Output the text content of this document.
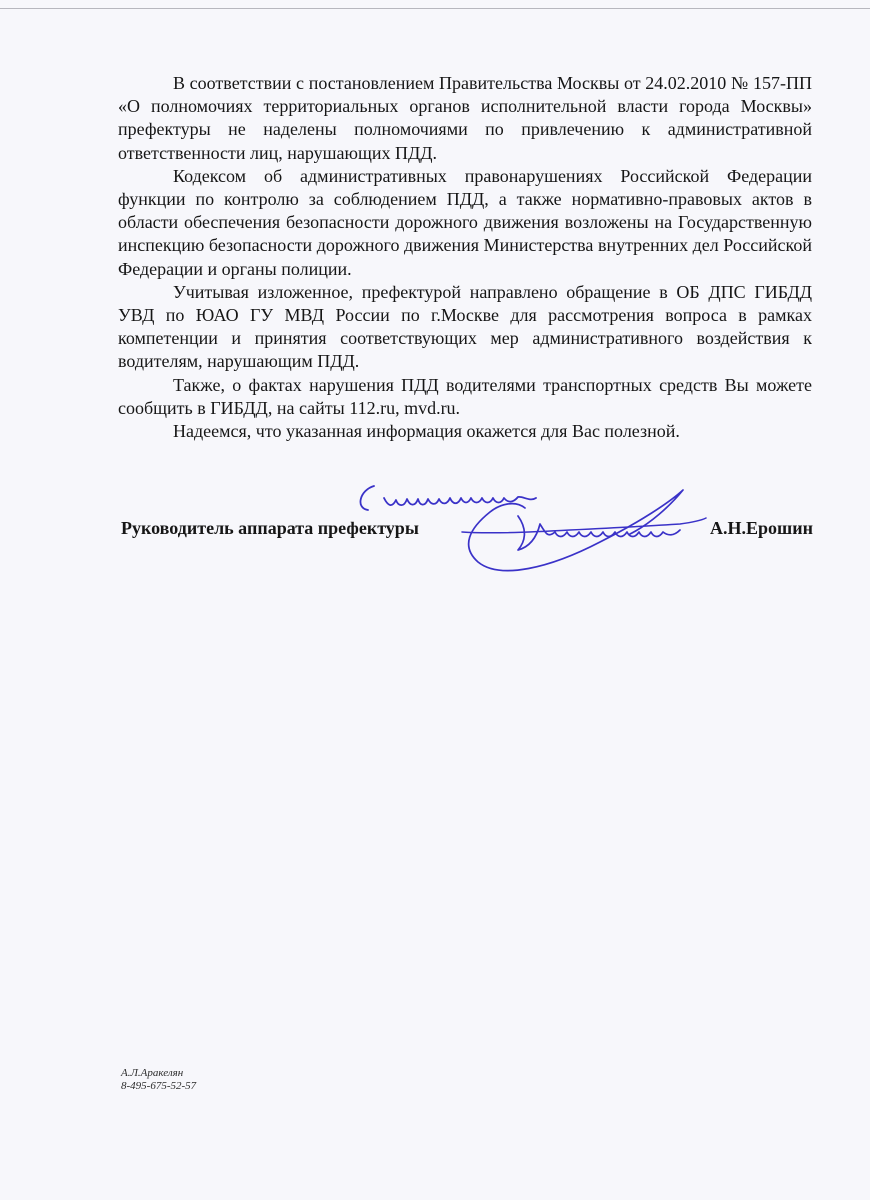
В соответствии с постановлением Правительства Москвы от 24.02.2010 № 157-ПП «О полномочиях территориальных органов исполнительной власти города Москвы» префектуры не наделены полномочиями по привлечению к административной ответственности лиц, нарушающих ПДД.

Кодексом об административных правонарушениях Российской Федерации функции по контролю за соблюдением ПДД, а также нормативно-правовых актов в области обеспечения безопасности дорожного движения возложены на Государственную инспекцию безопасности дорожного движения Министерства внутренних дел Российской Федерации и органы полиции.

Учитывая изложенное, префектурой направлено обращение в ОБ ДПС ГИБДД УВД по ЮАО ГУ МВД России по г.Москве для рассмотрения вопроса в рамках компетенции и принятия соответствующих мер административного воздействия к водителям, нарушающим ПДД.

Также, о фактах нарушения ПДД водителями транспортных средств Вы можете сообщить в ГИБДД, на сайты 112.ru, mvd.ru.

Надеемся, что указанная информация окажется для Вас полезной.

Руководитель аппарата префектуры	А.Н.Ерошин
А.Л.Аракелян
8-495-675-52-57
